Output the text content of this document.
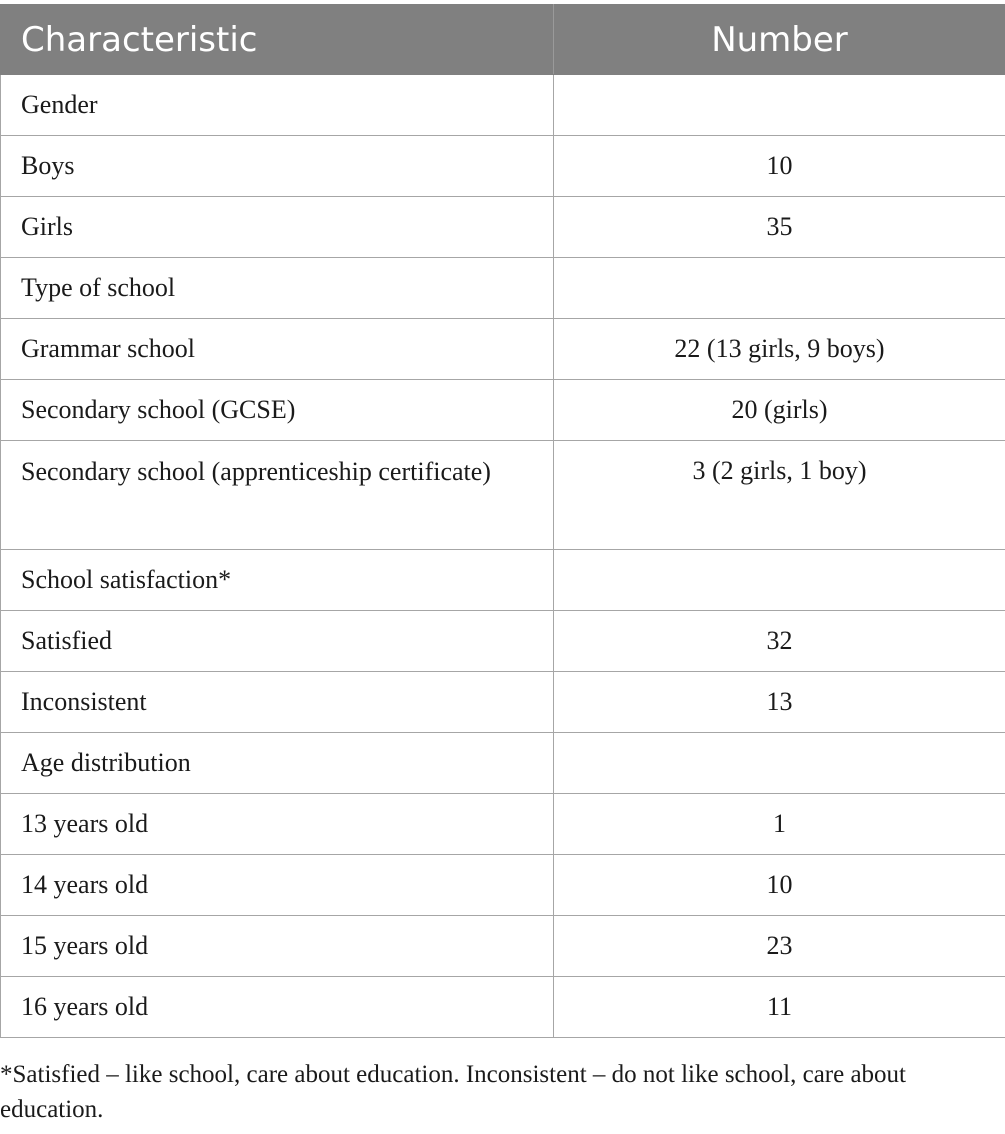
Characteristic	Number
Gender	
Boys	10
Girls	35
Type of school	
Grammar school	22 (13 girls, 9 boys)
Secondary school (GCSE)	20 (girls)
Secondary school (apprenticeship certificate)	3 (2 girls, 1 boy)
School satisfaction*	
Satisfied	32
Inconsistent	13
Age distribution	
13 years old	1
14 years old	10
15 years old	23
16 years old	11
*Satisfied – like school, care about education. Inconsistent – do not like school, care about education.
